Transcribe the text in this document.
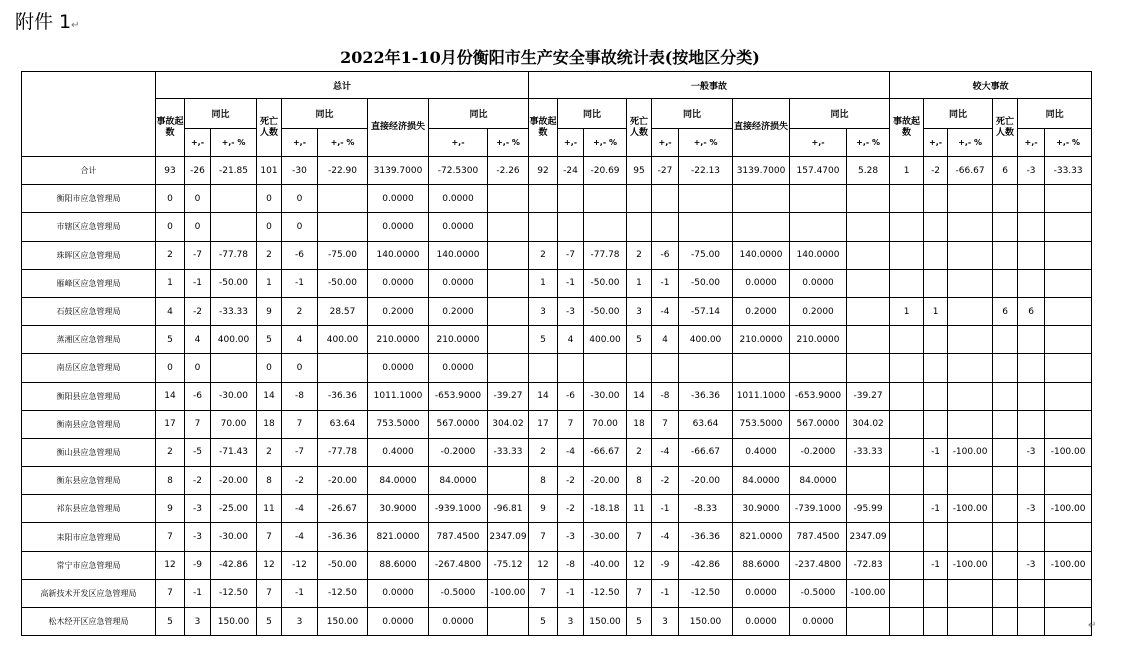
附件 1↵
2022年1-10月份衡阳市生产安全事故统计表(按地区分类)
	总计									一般事故									较大事故					
	事故起数	同比		死亡人数	同比		直接经济损失	同比		事故起数	同比		死亡人数	同比		直接经济损失	同比		事故起数	同比		死亡人数	同比	
		+,-	+,- %		+,-	+,- %		+,-	+,- %		+,-	+,- %		+,-	+,- %		+,-	+,- %		+,-	+,- %		+,-	+,- %
合计	93	-26	-21.85	101	-30	-22.90	3139.7000	-72.5300	-2.26	92	-24	-20.69	95	-27	-22.13	3139.7000	157.4700	5.28	1	-2	-66.67	6	-3	-33.33
衡阳市应急管理局	0	0		0	0		0.0000	0.0000																
市辖区应急管理局	0	0		0	0		0.0000	0.0000																
珠晖区应急管理局	2	-7	-77.78	2	-6	-75.00	140.0000	140.0000		2	-7	-77.78	2	-6	-75.00	140.0000	140.0000							
雁峰区应急管理局	1	-1	-50.00	1	-1	-50.00	0.0000	0.0000		1	-1	-50.00	1	-1	-50.00	0.0000	0.0000							
石鼓区应急管理局	4	-2	-33.33	9	2	28.57	0.2000	0.2000		3	-3	-50.00	3	-4	-57.14	0.2000	0.2000		1	1		6	6	
蒸湘区应急管理局	5	4	400.00	5	4	400.00	210.0000	210.0000		5	4	400.00	5	4	400.00	210.0000	210.0000							
南岳区应急管理局	0	0		0	0		0.0000	0.0000																
衡阳县应急管理局	14	-6	-30.00	14	-8	-36.36	1011.1000	-653.9000	-39.27	14	-6	-30.00	14	-8	-36.36	1011.1000	-653.9000	-39.27						
衡南县应急管理局	17	7	70.00	18	7	63.64	753.5000	567.0000	304.02	17	7	70.00	18	7	63.64	753.5000	567.0000	304.02						
衡山县应急管理局	2	-5	-71.43	2	-7	-77.78	0.4000	-0.2000	-33.33	2	-4	-66.67	2	-4	-66.67	0.4000	-0.2000	-33.33		-1	-100.00		-3	-100.00
衡东县应急管理局	8	-2	-20.00	8	-2	-20.00	84.0000	84.0000		8	-2	-20.00	8	-2	-20.00	84.0000	84.0000							
祁东县应急管理局	9	-3	-25.00	11	-4	-26.67	30.9000	-939.1000	-96.81	9	-2	-18.18	11	-1	-8.33	30.9000	-739.1000	-95.99		-1	-100.00		-3	-100.00
耒阳市应急管理局	7	-3	-30.00	7	-4	-36.36	821.0000	787.4500	2347.09	7	-3	-30.00	7	-4	-36.36	821.0000	787.4500	2347.09						
常宁市应急管理局	12	-9	-42.86	12	-12	-50.00	88.6000	-267.4800	-75.12	12	-8	-40.00	12	-9	-42.86	88.6000	-237.4800	-72.83		-1	-100.00		-3	-100.00
高新技术开发区应急管理局	7	-1	-12.50	7	-1	-12.50	0.0000	-0.5000	-100.00	7	-1	-12.50	7	-1	-12.50	0.0000	-0.5000	-100.00						
松木经开区应急管理局	5	3	150.00	5	3	150.00	0.0000	0.0000		5	3	150.00	5	3	150.00	0.0000	0.0000								↵
